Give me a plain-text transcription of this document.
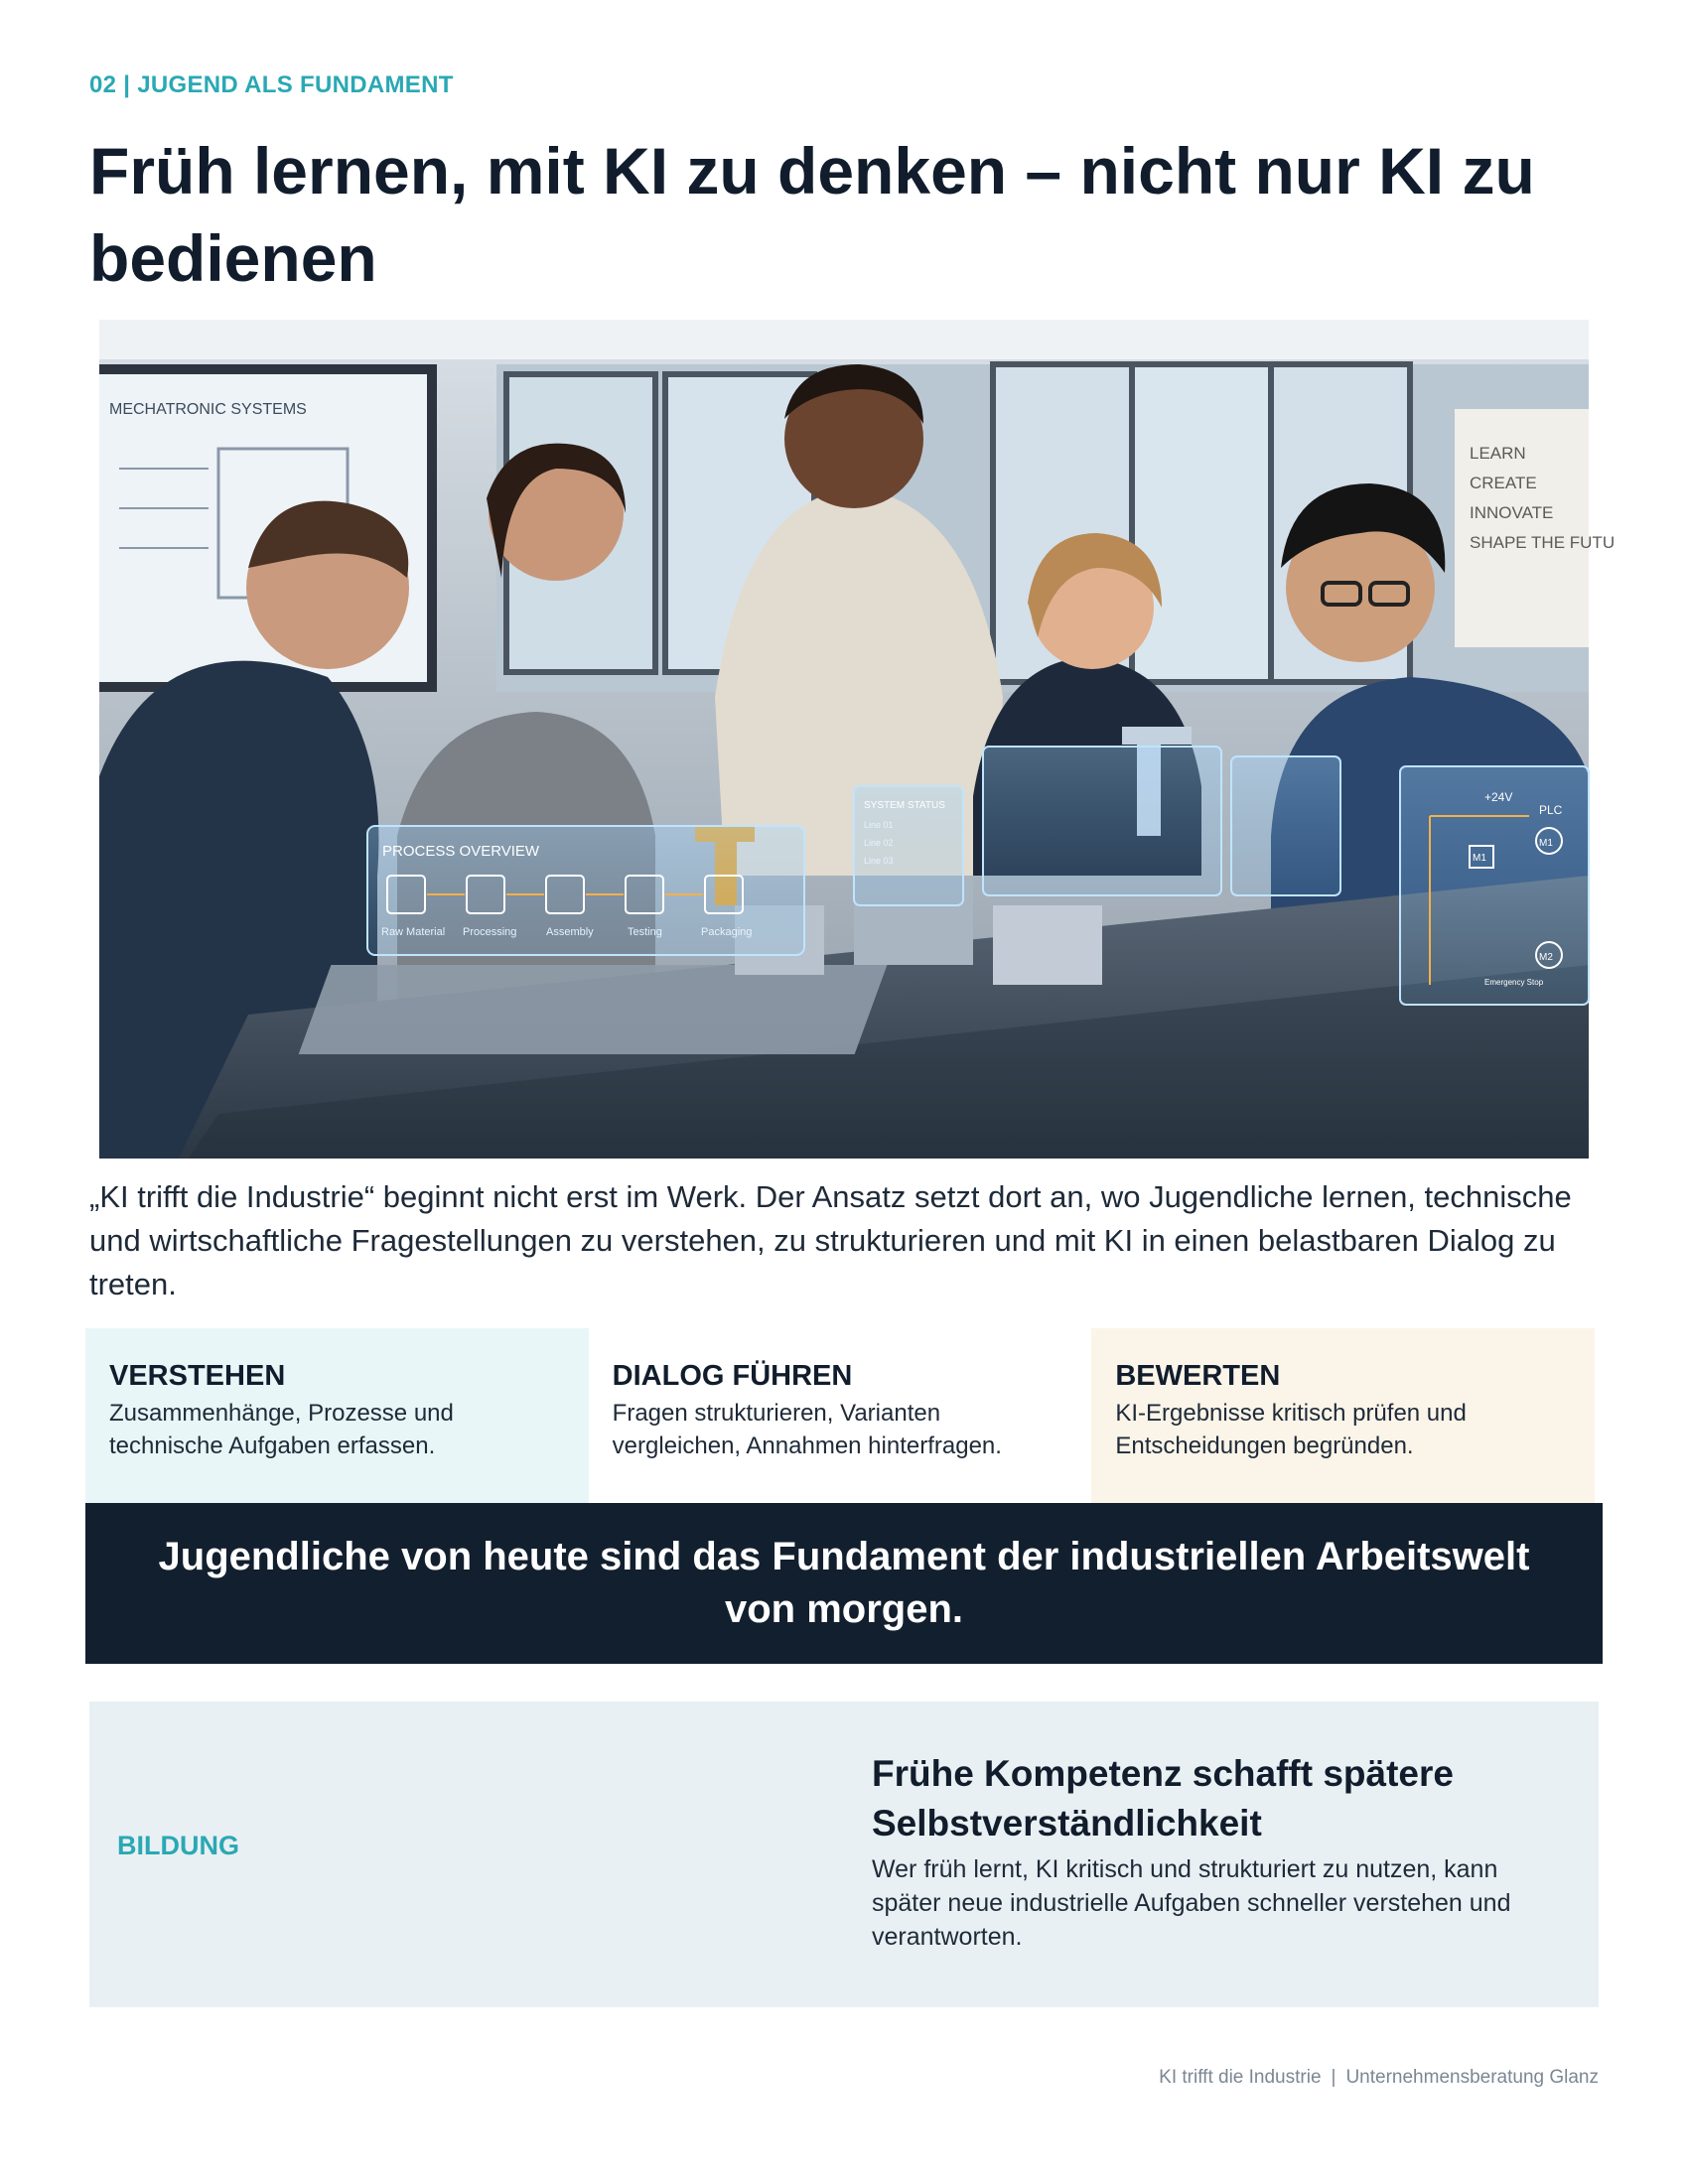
02 | JUGEND ALS FUNDAMENT
Früh lernen, mit KI zu denken – nicht nur KI zu bedienen
MECHATRONIC SYSTEMS
LEARN
CREATE
INNOVATE
SHAPE THE FUTU
PROCESS OVERVIEW
Raw Material Processing	Assembly	Testing	Packaging
SYSTEM STATUS
Line 01
Line 02
Line 03
+24V
PLC
M1
M1
M2
Emergency Stop

„KI trifft die Industrie“ beginnt nicht erst im Werk. Der Ansatz setzt dort an, wo Jugendliche lernen, technische und wirtschaftliche Fragestellungen zu verstehen, zu strukturieren und mit KI in einen belastbaren Dialog zu treten.

VERSTEHEN

Zusammenhänge, Prozesse und technische Aufgaben erfassen.

DIALOG FÜHREN

Fragen strukturieren, Varianten vergleichen, Annahmen hinterfragen.

BEWERTEN

KI-Ergebnisse kritisch prüfen und Entscheidungen begründen.

Jugendliche von heute sind das Fundament der industriellen Arbeitswelt von morgen.
BILDUNG
Frühe Kompetenz schafft spätere Selbstverständlichkeit

Wer früh lernt, KI kritisch und strukturiert zu nutzen, kann später neue industrielle Aufgaben schneller verstehen und verantworten.

KI trifft die Industrie | Unternehmensberatung Glanz
